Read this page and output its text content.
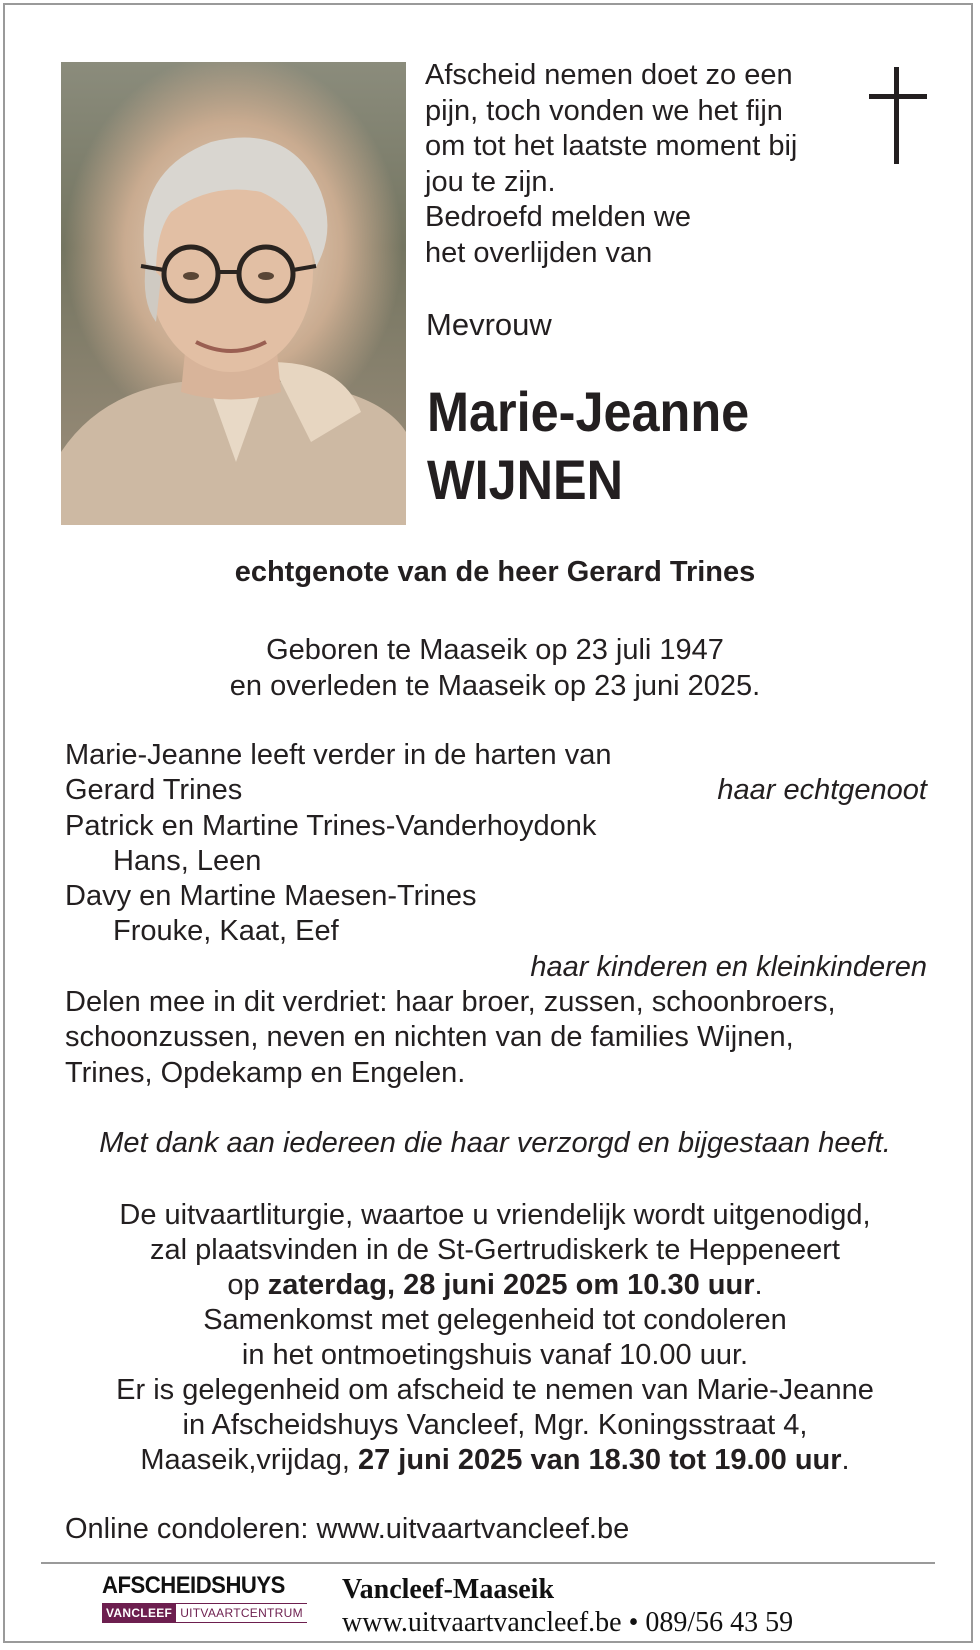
Afscheid nemen doet zo een
pijn, toch vonden we het fijn
om tot het laatste moment bij
jou te zijn.
Bedroefd melden we
het overlijden van
Mevrouw
Marie-Jeanne
WIJNEN
echtgenote van de heer Gerard Trines
Geboren te Maaseik op 23 juli 1947
en overleden te Maaseik op 23 juni 2025.
Marie-Jeanne leeft verder in de harten van
Gerard Trines	haar echtgenoot
Patrick en Martine Trines-Vanderhoydonk
Hans, Leen
Davy en Martine Maesen-Trines
Frouke, Kaat, Eef
haar kinderen en kleinkinderen
Delen mee in dit verdriet: haar broer, zussen, schoonbroers,
schoonzussen, neven en nichten van de families Wijnen,
Trines, Opdekamp en Engelen.
Met dank aan iedereen die haar verzorgd en bijgestaan heeft.
De uitvaartliturgie, waartoe u vriendelijk wordt uitgenodigd,
zal plaatsvinden in de St-Gertrudiskerk te Heppeneert
op zaterdag, 28 juni 2025 om 10.30 uur.
Samenkomst met gelegenheid tot condoleren
in het ontmoetingshuis vanaf 10.00 uur.
Er is gelegenheid om afscheid te nemen van Marie-Jeanne
in Afscheidshuys Vancleef, Mgr. Koningsstraat 4,
Maaseik,vrijdag, 27 juni 2025 van 18.30 tot 19.00 uur.
Online condoleren: www.uitvaartvancleef.be
AFSCHEIDSHUYS
VANCLEEF UITVAARTCENTRUM
Vancleef-Maaseik
www.uitvaartvancleef.be • 089/56 43 59
